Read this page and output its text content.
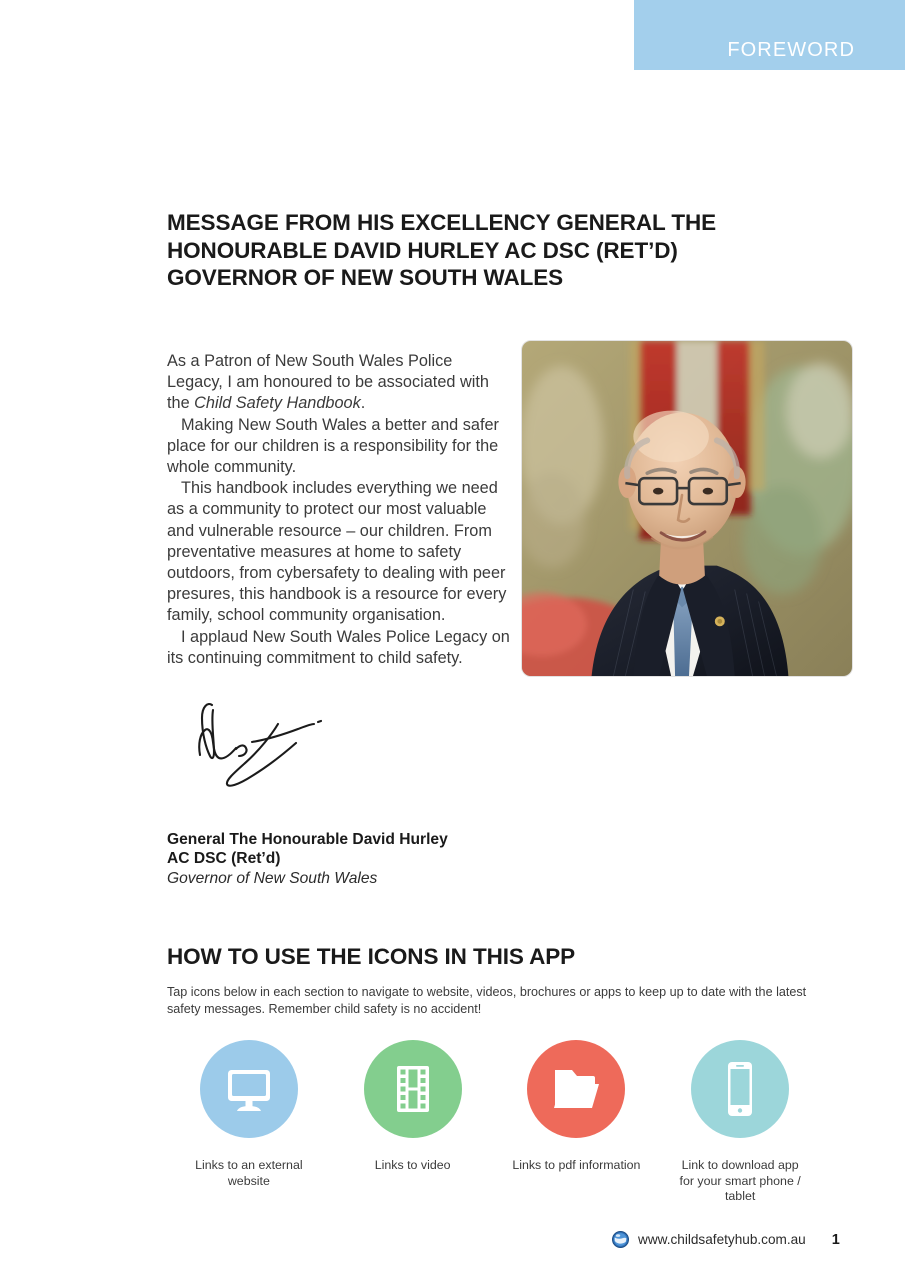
FOREWORD
MESSAGE FROM HIS EXCELLENCY GENERAL THE
HONOURABLE DAVID HURLEY AC DSC (RET’D)
GOVERNOR OF NEW SOUTH WALES

As a Patron of New South Wales Police Legacy, I am honoured to be associated with the Child Safety Handbook.

Making New South Wales a better and safer place for our children is a responsibility for the whole community.

This handbook includes everything we need as a community to protect our most valuable and vulnerable resource – our children. From preventative measures at home to safety outdoors, from cybersafety to dealing with peer presures, this handbook is a resource for every family, school community organisation.

I applaud New South Wales Police Legacy on its continuing commitment to child safety.

General The Honourable David Hurley
AC DSC (Ret’d)
Governor of New South Wales
HOW TO USE THE ICONS IN THIS APP
Tap icons below in each section to navigate to website, videos, brochures or apps to keep up to date with the latest safety messages. Remember child safety is no accident!
Links to an external website
Links to video	Links to pdf information	Link to download app for your smart phone / tablet
www.childsafetyhub.com.au 1
